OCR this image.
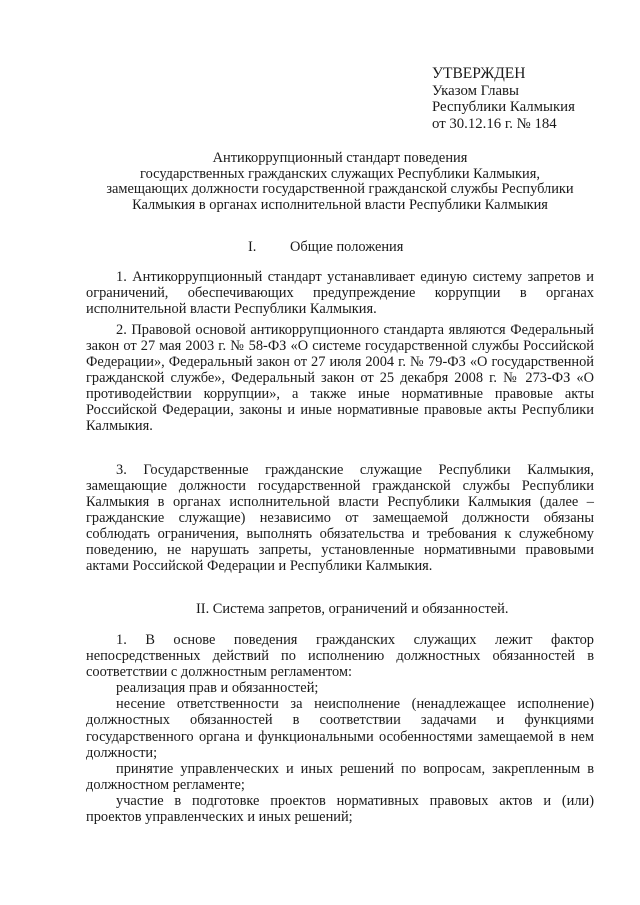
УТВЕРЖДЕН
Указом Главы
Республики Калмыкия
от 30.12.16 г. № 184
Антикоррупционный стандарт поведения
государственных гражданских служащих Республики Калмыкия,
замещающих должности государственной гражданской службы Республики
Калмыкия в органах исполнительной власти Республики Калмыкия
I. Общие положения

1. Антикоррупционный стандарт устанавливает единую систему запретов и ограничений, обеспечивающих предупреждение коррупции в органах исполнительной власти Республики Калмыкия.

2. Правовой основой антикоррупционного стандарта являются Федеральный закон от 27 мая 2003 г. № 58-ФЗ «О системе государственной службы Российской Федерации», Федеральный закон от 27 июля 2004 г. № 79-ФЗ «О государственной гражданской службе», Федеральный закон от 25 декабря 2008 г. № 273-ФЗ «О противодействии коррупции», а также иные нормативные правовые акты Российской Федерации, законы и иные нормативные правовые акты Республики Калмыкия.

3. Государственные гражданские служащие Республики Калмыкия, замещающие должности государственной гражданской службы Республики Калмыкия в органах исполнительной власти Республики Калмыкия (далее – гражданские служащие) независимо от замещаемой должности обязаны соблюдать ограничения, выполнять обязательства и требования к служебному поведению, не нарушать запреты, установленные нормативными правовыми актами Российской Федерации и Республики Калмыкия.

II. Система запретов, ограничений и обязанностей.

1. В основе поведения гражданских служащих лежит фактор непосредственных действий по исполнению должностных обязанностей в соответствии с должностным регламентом:

реализация прав и обязанностей;

несение ответственности за неисполнение (ненадлежащее исполнение) должностных обязанностей в соответствии задачами и функциями государственного органа и функциональными особенностями замещаемой в нем должности;

принятие управленческих и иных решений по вопросам, закрепленным в должностном регламенте;

участие в подготовке проектов нормативных правовых актов и (или) проектов управленческих и иных решений;
